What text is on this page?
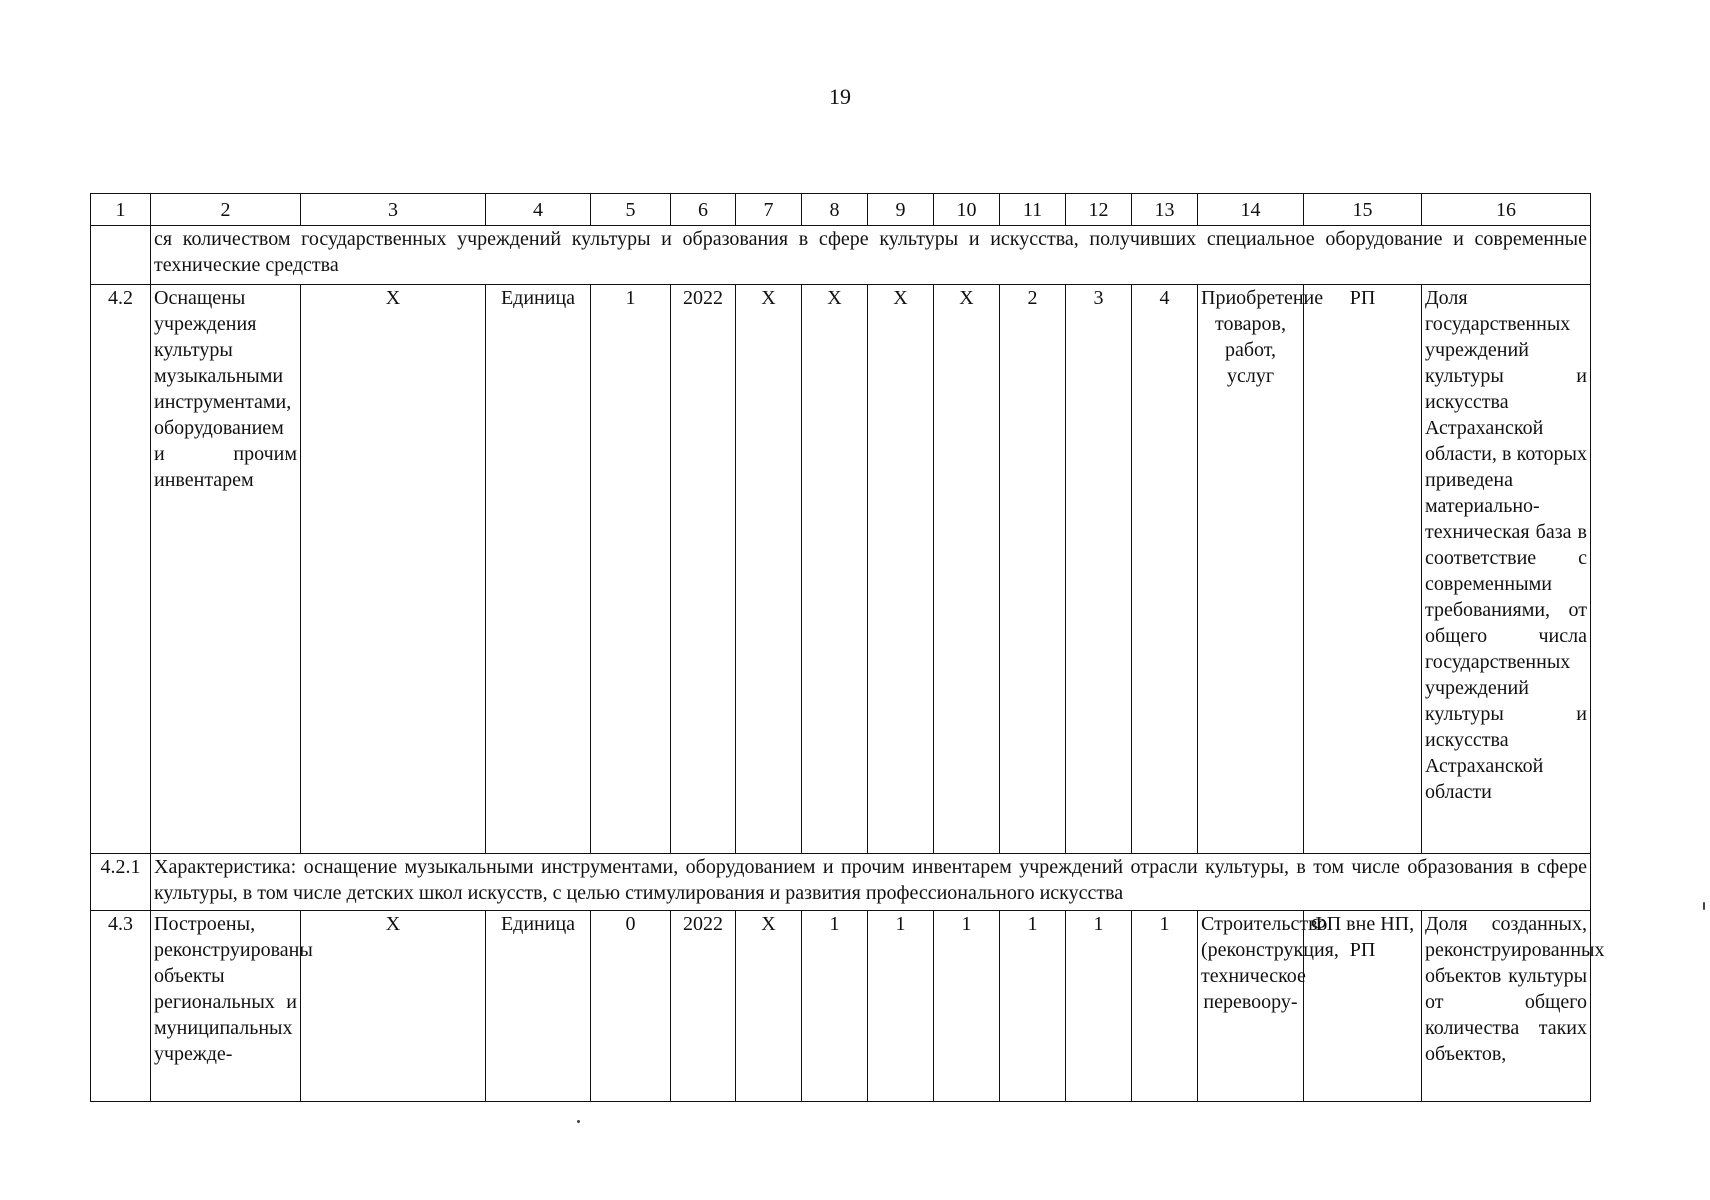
19
1	2	3	4	5	6	7	8	9	10	11	12	13	14	15	16
	ся количеством государственных учреждений культуры и образования в сфере культуры и искусства, получивших специальное оборудование и современные технические средства														
4.2	Оснащены учреждения культуры музыкальными инструментами, оборудованием и прочим инвентарем	X	Единица	1	2022	X	X	X	X	2	3	4	Приобретение товаров, работ, услуг	РП	Доля государственных учреждений культуры и искусства Астраханской области, в которых приведена материально-техническая база в соответствие с современными требованиями, от общего числа государственных учреждений культуры и искусства Астраханской области
4.2.1	Характеристика: оснащение музыкальными инструментами, оборудованием и прочим инвентарем учреждений отрасли культуры, в том числе образования в сфере культуры, в том числе детских школ искусств, с целью стимулирования и развития профессионального искусства														
4.3	Построены, реконструированы объекты региональных и муниципальных учрежде-	X	Единица	0	2022	X	1	1	1	1	1	1	Строительство (реконструкция, техническое перевоору-	ФП вне НП, РП	Доля созданных, реконструированных объектов культуры от общего количества таких объектов,
